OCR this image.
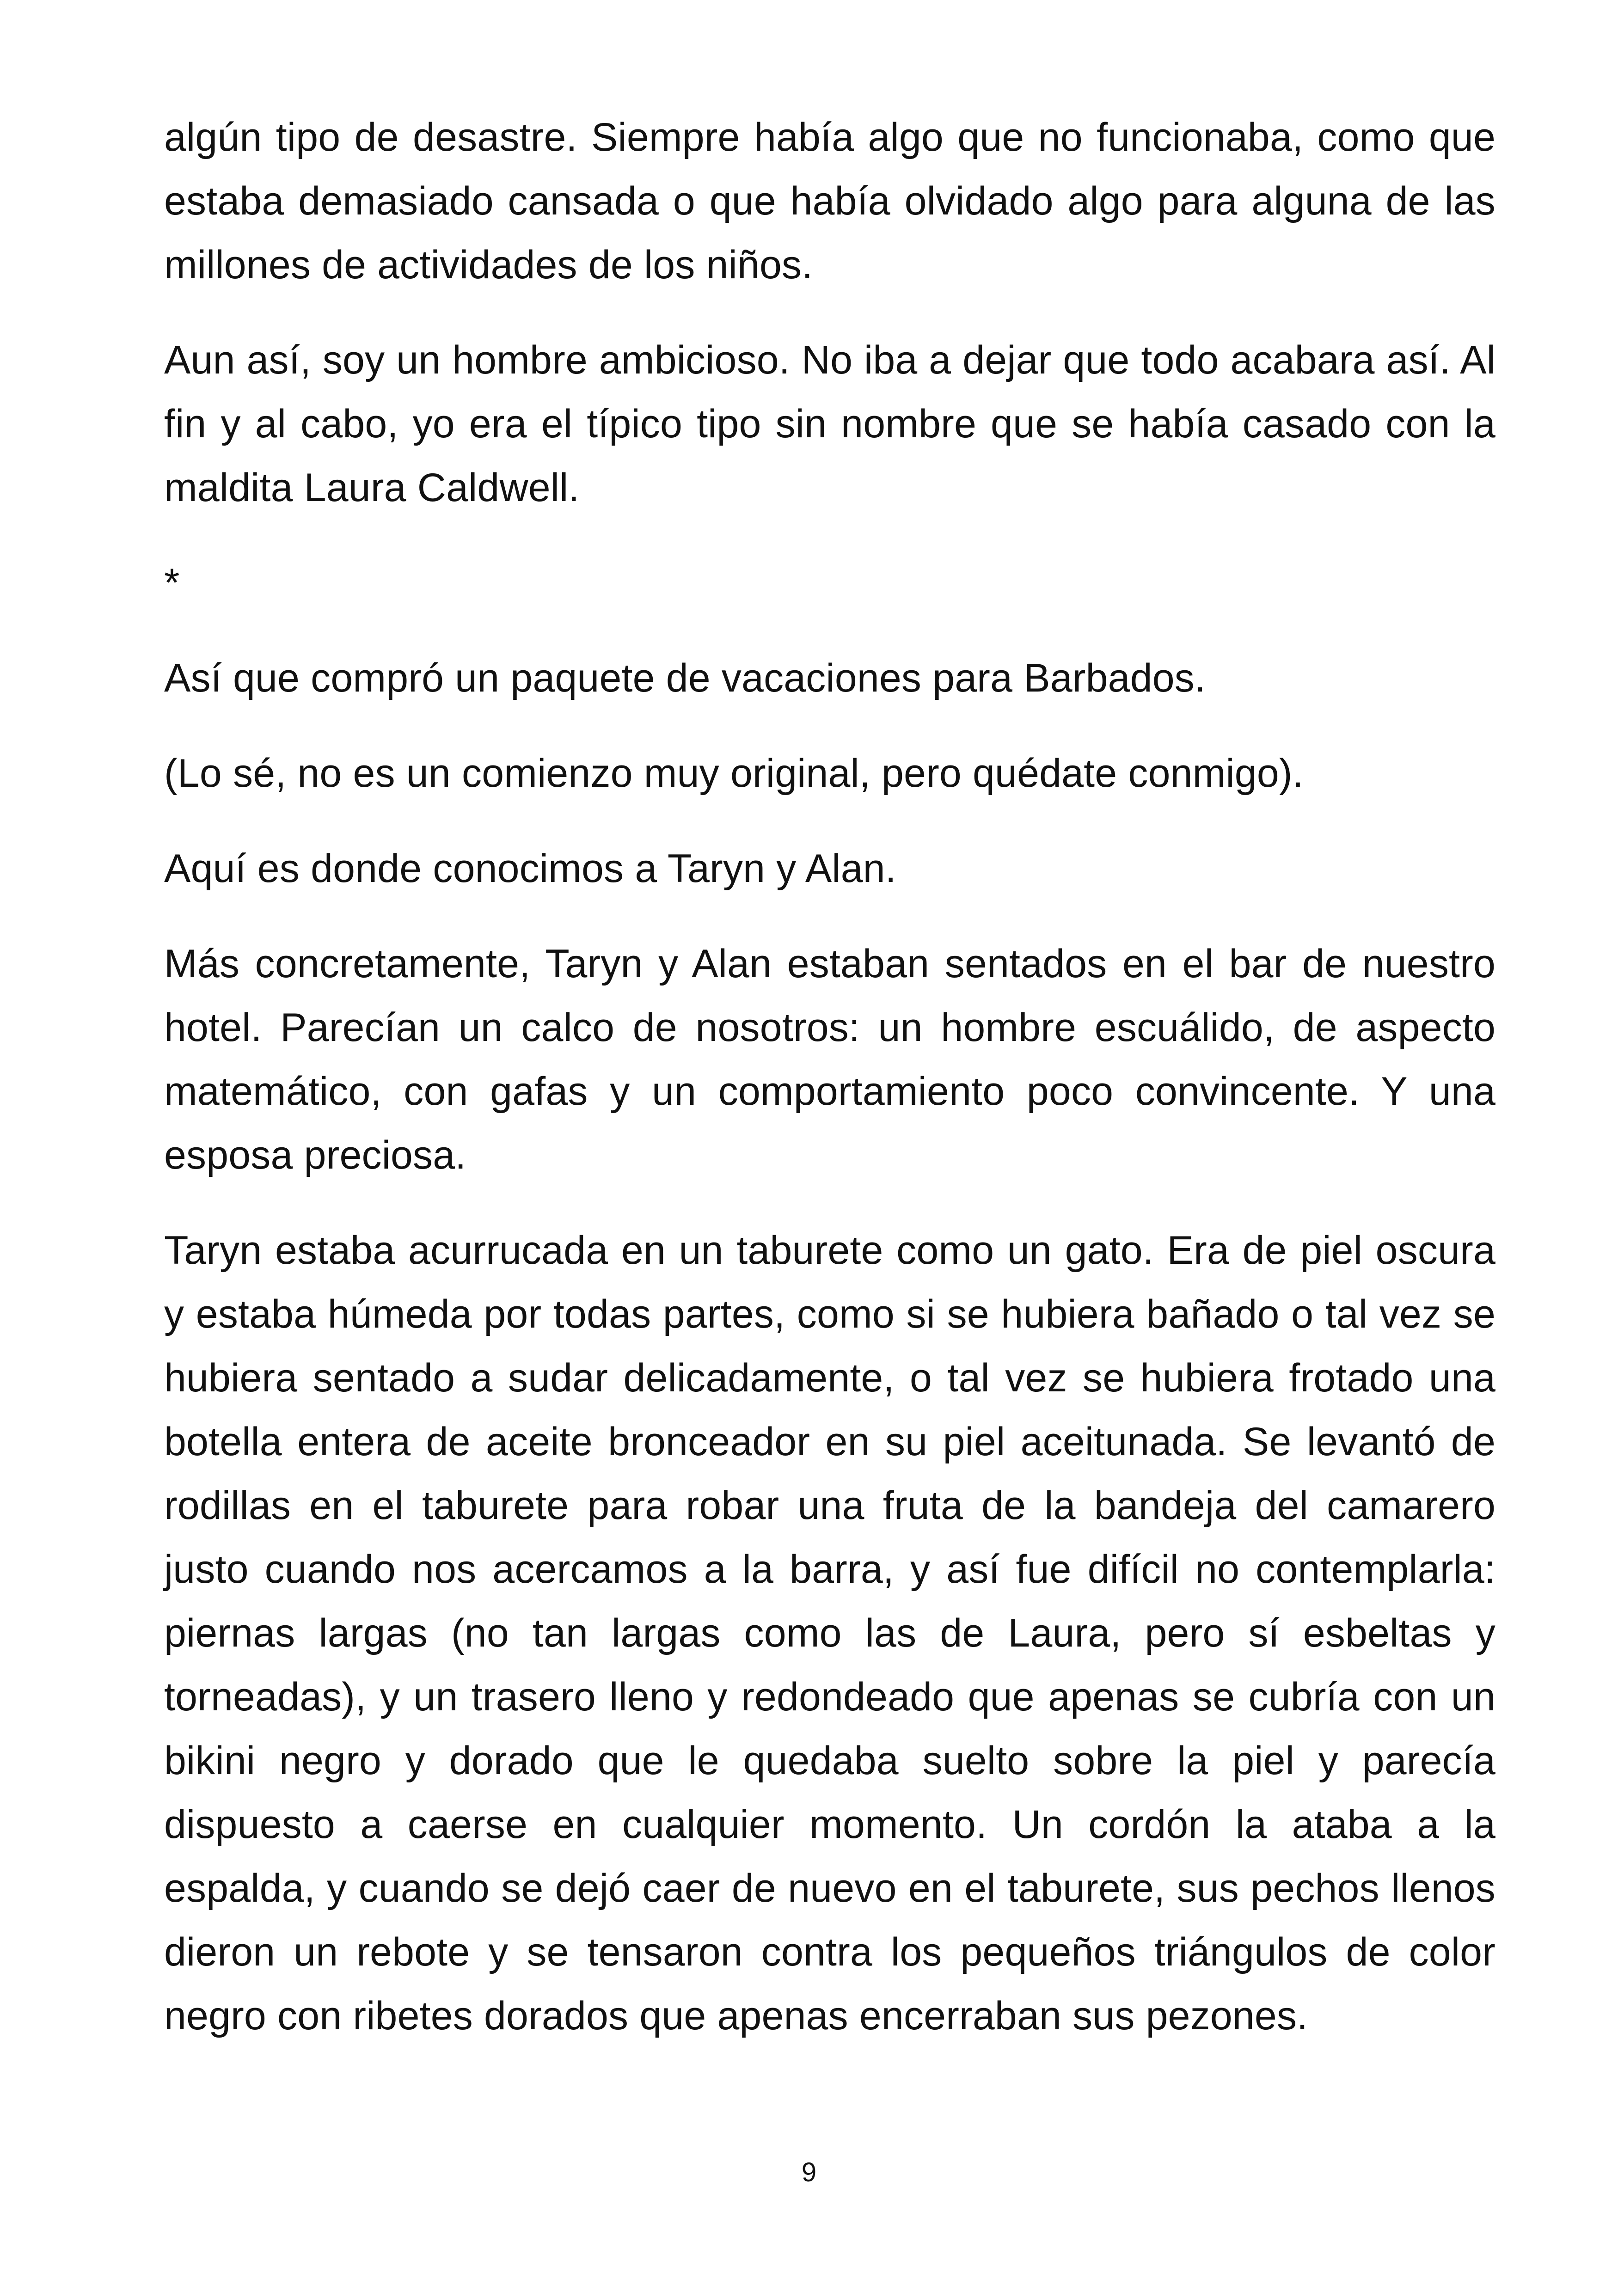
algún tipo de desastre. Siempre había algo que no funcionaba, como que estaba demasiado cansada o que había olvidado algo para alguna de las millones de actividades de los niños.

Aun así, soy un hombre ambicioso. No iba a dejar que todo acabara así. Al fin y al cabo, yo era el típico tipo sin nombre que se había casado con la maldita Laura Caldwell.

*

Así que compró un paquete de vacaciones para Barbados.

(Lo sé, no es un comienzo muy original, pero quédate conmigo).

Aquí es donde conocimos a Taryn y Alan.

Más concretamente, Taryn y Alan estaban sentados en el bar de nuestro hotel. Parecían un calco de nosotros: un hombre escuálido, de aspecto matemático, con gafas y un comportamiento poco convincente. Y una esposa preciosa.

Taryn estaba acurrucada en un taburete como un gato. Era de piel oscura y estaba húmeda por todas partes, como si se hubiera bañado o tal vez se hubiera sentado a sudar delicadamente, o tal vez se hubiera frotado una botella entera de aceite bronceador en su piel aceitunada. Se levantó de rodillas en el taburete para robar una fruta de la bandeja del camarero justo cuando nos acercamos a la barra, y así fue difícil no contemplarla: piernas largas (no tan largas como las de Laura, pero sí esbeltas y torneadas), y un trasero lleno y redondeado que apenas se cubría con un bikini negro y dorado que le quedaba suelto sobre la piel y parecía dispuesto a caerse en cualquier momento. Un cordón la ataba a la espalda, y cuando se dejó caer de nuevo en el taburete, sus pechos llenos dieron un rebote y se tensaron contra los pequeños triángulos de color negro con ribetes dorados que apenas encerraban sus pezones.

9
